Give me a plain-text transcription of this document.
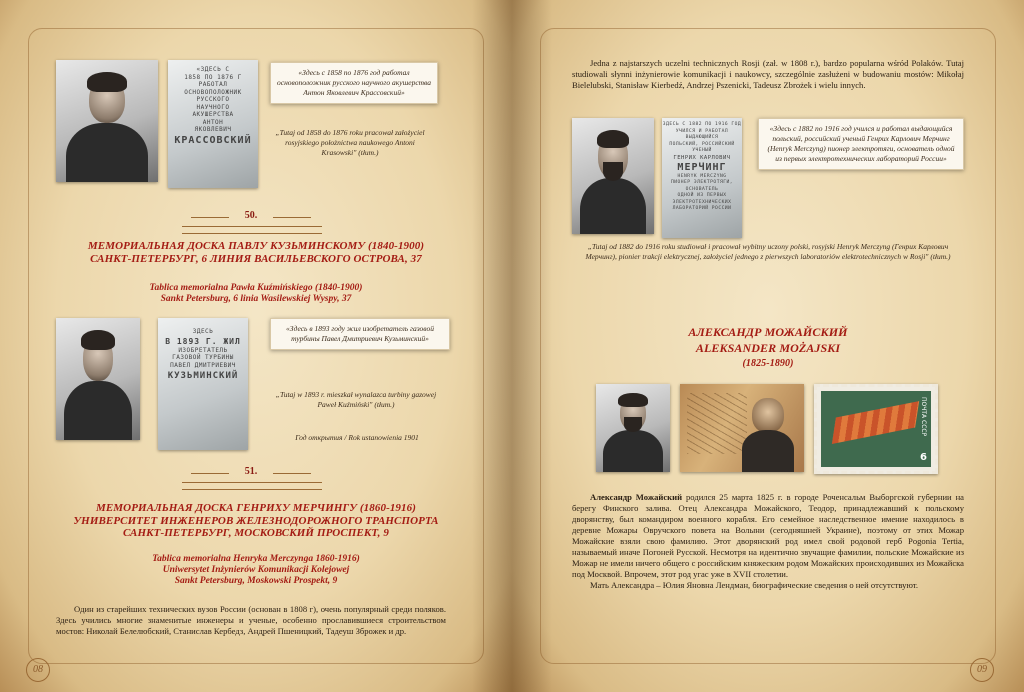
«ЗДЕСЬ С
1858 ПО 1876 Г
РАБОТАЛ
ОСНОВОПОЛОЖНИК
РУССКОГО
НАУЧНОГО
АКУШЕРСТВА
АНТОН
ЯКОВЛЕВИЧ
КРАССОВСКИЙ
«Здесь с 1858 по 1876 год работал основоположник русского научного акушерства Антон Яковлевич Крассовский»
„Tutaj od 1858 do 1876 roku pracował założyciel rosyjskiego położnictwa naukowego Antoni Krasowski" (tłum.)
50.
МЕМОРИАЛЬНАЯ ДОСКА ПАВЛУ КУЗЬМИНСКОМУ (1840-1900)
САНКТ-ПЕТЕРБУРГ, 6 ЛИНИЯ ВАСИЛЬЕВСКОГО ОСТРОВА, 37
Tablica memorialna Pawła Kuźmińskiego (1840-1900)
Sankt Petersburg, 6 linia Wasilewskiej Wyspy, 37
ЗДЕСЬ
В 1893 Г. ЖИЛ
ИЗОБРЕТАТЕЛЬ
ГАЗОВОЙ ТУРБИНЫ
ПАВЕЛ ДМИТРИЕВИЧ
КУЗЬМИНСКИЙ
«Здесь в 1893 году жил изобретатель газовой турбины Павел Дмитриевич Кузьминский»
„Tutaj w 1893 r. mieszkał wynalazca turbiny gazowej Paweł Kuźmiński" (tłum.)
Год открытия / Rok ustanowienia 1901
51.
МЕМОРИАЛЬНАЯ ДОСКА ГЕНРИХУ МЕРЧИНГУ (1860-1916)
УНИВЕРСИТЕТ ИНЖЕНЕРОВ ЖЕЛЕЗНОДОРОЖНОГО ТРАНСПОРТА
САНКТ-ПЕТЕРБУРГ, МОСКОВСКИЙ ПРОСПЕКТ, 9
Tablica memorialna Henryka Merczynga 1860-1916)
Uniwersytet Inżynierów Komunikacji Kolejowej
Sankt Petersburg, Moskowski Prospekt, 9

Один из старейших технических вузов России (основан в 1808 г), очень популярный среди поляков. Здесь учились многие знаменитые инженеры и ученые, особенно прославившиеся строительством мостов: Николай Белелюбский, Станислав Кербедз, Андрей Пшеницкий, Тадеуш Зброжек и др.

08

Jedna z najstarszych uczelni technicznych Rosji (zał. w 1808 r.), bardzo popularna wśród Polaków. Tutaj studiowali słynni inżynierowie komunikacji i naukowcy, szczególnie zasłużeni w budowaniu mostów: Mikołaj Bielelubski, Stanisław Kierbedź, Andrzej Pszenicki, Tadeusz Zbrożek i wielu innych.

ЗДЕСЬ С 1882 ПО 1916 ГОД
УЧИЛСЯ И РАБОТАЛ
ВЫДАЮЩИЙСЯ
ПОЛЬСКИЙ, РОССИЙСКИЙ
УЧЕНЫЙ
ГЕНРИХ КАРЛОВИЧ
МЕРЧИНГ
HENRYK MERCZYNG
ПИОНЕР ЭЛЕКТРОТЯГИ,
ОСНОВАТЕЛЬ
ОДНОЙ ИЗ ПЕРВЫХ
ЭЛЕКТРОТЕХНИЧЕСКИХ
ЛАБОРАТОРИЙ РОССИИ
«Здесь с 1882 по 1916 год учился и работал выдающийся польский, российский ученый Генрих Карлович Мерчинг (Henryk Merczyng) пионер электротяги, основатель одной из первых электротехнических лабораторий России»
„Tutaj od 1882 do 1916 roku studiował i pracował wybitny uczony polski, rosyjski Henryk Merczyng (Генрих Карлович Мерчинг), pionier trakcji elektrycznej, założyciel jednego z pierwszych laboratoriów elektrotechnicznych w Rosji" (tłum.)
АЛЕКСАНДР МОЖАЙСКИЙ
ALEKSANDER MOŻAJSKI
(1825-1890)
ПОЧТА СССР
6

Александр Можайский родился 25 марта 1825 г. в городе Роченсальм Выборгской губернии на берегу Финского залива. Отец Александра Можайского, Теодор, принадлежавший к польскому дворянству, был командиром военного корабля. Его семейное наследственное имение находилось в деревне Можары Овручского повета на Волыни (сегодняшней Украине), поэтому от этих Можар Можайские взяли свою фамилию. Этот дворянский род имел свой родовой герб Pogonia Tertia, называемый иначе Погоней Русской. Несмотря на идентично звучащие фамилии, польские Можайские из Можар не имели ничего общего с российским княжеским родом Можайских происходивших из Можайска под Москвой. Впрочем, этот род угас уже в XVII столетии.

Мать Александра – Юлия Яновна Лендман, биографические сведения о ней отсутствуют.

09
